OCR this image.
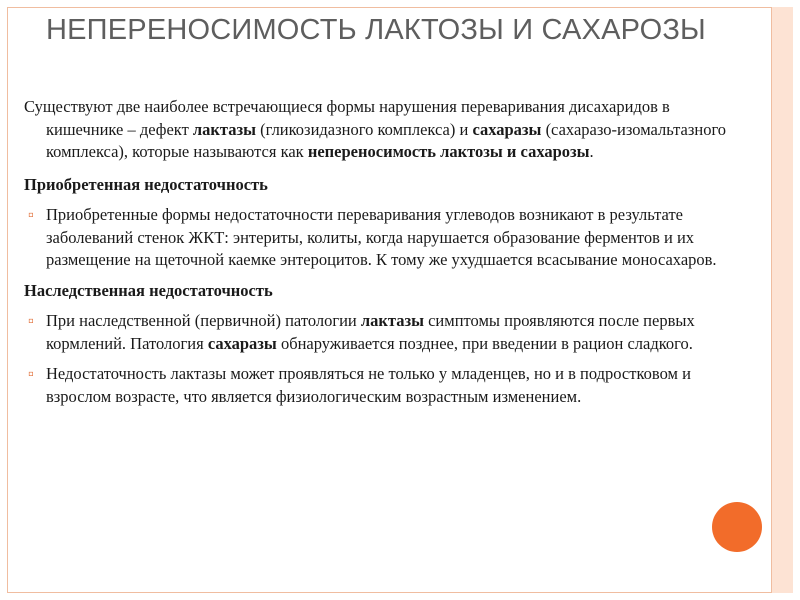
НЕПЕРЕНОСИМОСТЬ ЛАКТОЗЫ И САХАРОЗЫ

Существуют две наиболее встречающиеся формы нарушения переваривания дисахаридов в кишечнике – дефект лактазы (гликозидазного комплекса) и сахаразы (сахаразо-изомальтазного комплекса), которые называются как непереносимость лактозы и сахарозы.

Приобретенная недостаточность

▫ Приобретенные формы недостаточности переваривания углеводов возникают в результате заболеваний стенок ЖКТ: энтериты, колиты, когда нарушается образование ферментов и их размещение на щеточной каемке энтероцитов. К тому же ухудшается всасывание моносахаров.

Наследственная недостаточность

▫ При наследственной (первичной) патологии лактазы симптомы проявляются после первых кормлений. Патология сахаразы обнаруживается позднее, при введении в рацион сладкого.
▫ Недостаточность лактазы может проявляться не только у младенцев, но и в подростковом и взрослом возрасте, что является физиологическим возрастным изменением.
